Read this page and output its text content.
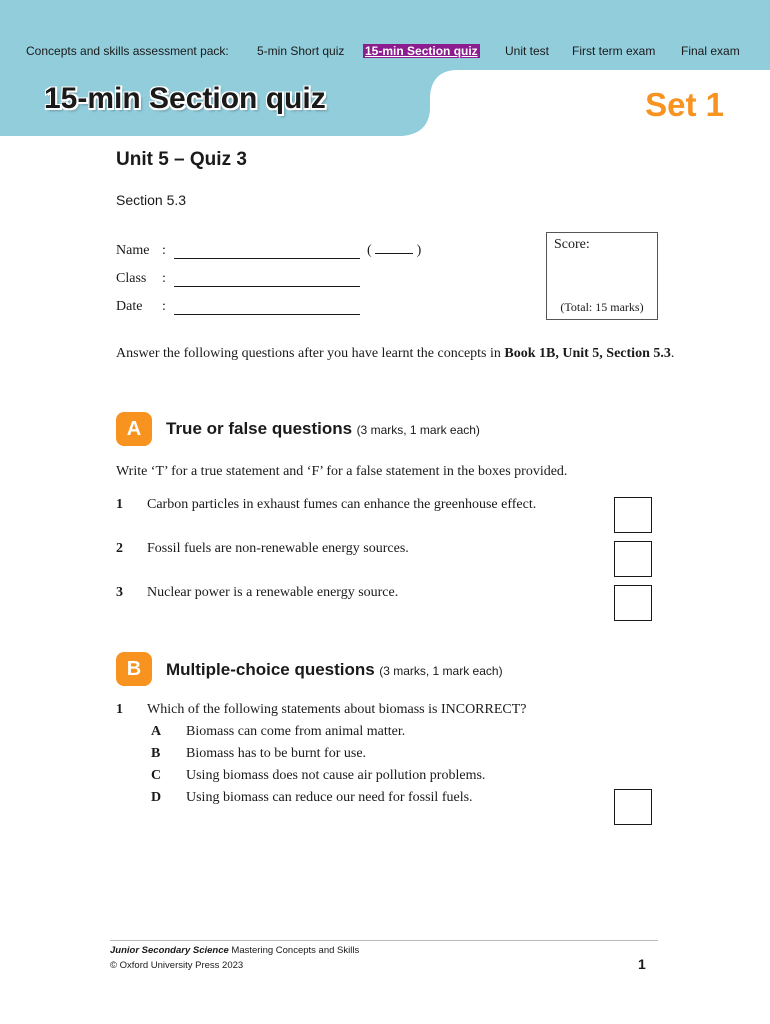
Concepts and skills assessment pack: 5-min Short quiz 15-min Section quiz Unit test First term exam Final exam
15-min Section quiz	Set 1
Unit 5 – Quiz 3
Section 5.3
Name :	(	)
Class :
Date :
Score:
(Total: 15 marks)
Answer the following questions after you have learnt the concepts in Book 1B, Unit 5, Section 5.3.
A	True or false questions (3 marks, 1 mark each)
Write ‘T’ for a true statement and ‘F’ for a false statement in the boxes provided.
1 Carbon particles in exhaust fumes can enhance the greenhouse effect.
2 Fossil fuels are non-renewable energy sources.
3 Nuclear power is a renewable energy source.
B	Multiple-choice questions (3 marks, 1 mark each)
1 Which of the following statements about biomass is INCORRECT?
A Biomass can come from animal matter.
B Biomass has to be burnt for use.
C Using biomass does not cause air pollution problems.
D Using biomass can reduce our need for fossil fuels.
Junior Secondary Science Mastering Concepts and Skills
© Oxford University Press 2023	1
